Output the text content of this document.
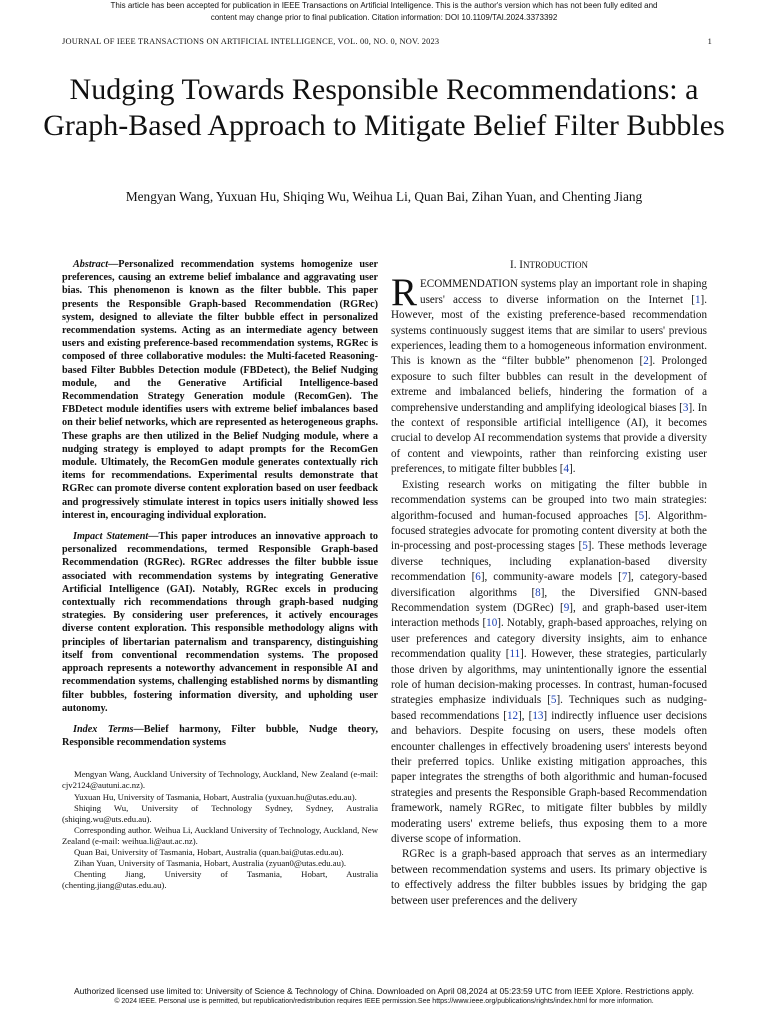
This article has been accepted for publication in IEEE Transactions on Artificial Intelligence. This is the author's version which has not been fully edited and
content may change prior to final publication. Citation information: DOI 10.1109/TAI.2024.3373392
JOURNAL OF IEEE TRANSACTIONS ON ARTIFICIAL INTELLIGENCE, VOL. 00, NO. 0, NOV. 2023	1
Nudging Towards Responsible Recommendations: a Graph-Based Approach to Mitigate Belief Filter Bubbles
Mengyan Wang, Yuxuan Hu, Shiqing Wu, Weihua Li, Quan Bai, Zihan Yuan, and Chenting Jiang

Abstract—Personalized recommendation systems homogenize user preferences, causing an extreme belief imbalance and aggravating user bias. This phenomenon is known as the filter bubble. This paper presents the Responsible Graph-based Recommendation (RGRec) system, designed to alleviate the filter bubble effect in personalized recommendation systems. Acting as an intermediate agency between users and existing preference-based recommendation systems, RGRec is composed of three collaborative modules: the Multi-faceted Reasoning-based Filter Bubbles Detection module (FBDetect), the Belief Nudging module, and the Generative Artificial Intelligence-based Recommendation Strategy Generation module (RecomGen). The FBDetect module identifies users with extreme belief imbalances based on their belief networks, which are represented as heterogeneous graphs. These graphs are then utilized in the Belief Nudging module, where a nudging strategy is employed to adapt prompts for the RecomGen module. Ultimately, the RecomGen module generates contextually rich items for recommendations. Experimental results demonstrate that RGRec can promote diverse content exploration based on user feedback and progressively stimulate interest in topics users initially showed less interest in, encouraging individual exploration.

Impact Statement—This paper introduces an innovative approach to personalized recommendations, termed Responsible Graph-based Recommendation (RGRec). RGRec addresses the filter bubble issue associated with recommendation systems by integrating Generative Artificial Intelligence (GAI). Notably, RGRec excels in producing contextually rich recommendations through graph-based nudging strategies. By considering user preferences, it actively encourages diverse content exploration. This responsible methodology aligns with principles of libertarian paternalism and transparency, distinguishing itself from conventional recommendation systems. The proposed approach represents a noteworthy advancement in responsible AI and recommendation systems, challenging established norms by dismantling filter bubbles, fostering information diversity, and upholding user autonomy.

Index Terms—Belief harmony, Filter bubble, Nudge theory, Responsible recommendation systems

Mengyan Wang, Auckland University of Technology, Auckland, New Zealand (e-mail: cjv2124@autuni.ac.nz).

Yuxuan Hu, University of Tasmania, Hobart, Australia (yuxuan.hu@utas.edu.au).

Shiqing Wu, University of Technology Sydney, Sydney, Australia (shiqing.wu@uts.edu.au).

Corresponding author. Weihua Li, Auckland University of Technology, Auckland, New Zealand (e-mail: weihua.li@aut.ac.nz).

Quan Bai, University of Tasmania, Hobart, Australia (quan.bai@utas.edu.au).

Zihan Yuan, University of Tasmania, Hobart, Australia (zyuan0@utas.edu.au).

Chenting Jiang, University of Tasmania, Hobart, Australia (chenting.jiang@utas.edu.au).

I. INTRODUCTION

RECOMMENDATION systems play an important role in shaping users' access to diverse information on the Internet [1]. However, most of the existing preference-based recommendation systems continuously suggest items that are similar to users' previous experiences, leading them to a homogeneous information environment. This is known as the “filter bubble” phenomenon [2]. Prolonged exposure to such filter bubbles can result in the development of extreme and imbalanced beliefs, hindering the formation of a comprehensive understanding and amplifying ideological biases [3]. In the context of responsible artificial intelligence (AI), it becomes crucial to develop AI recommendation systems that provide a diversity of content and viewpoints, rather than reinforcing existing user preferences, to mitigate filter bubbles [4].

Existing research works on mitigating the filter bubble in recommendation systems can be grouped into two main strategies: algorithm-focused and human-focused approaches [5]. Algorithm-focused strategies advocate for promoting content diversity at both the in-processing and post-processing stages [5]. These methods leverage diverse techniques, including explanation-based diversity recommendation [6], community-aware models [7], category-based diversification algorithms [8], the Diversified GNN-based Recommendation system (DGRec) [9], and graph-based user-item interaction methods [10]. Notably, graph-based approaches, relying on user preferences and category diversity insights, aim to enhance recommendation quality [11]. However, these strategies, particularly those driven by algorithms, may unintentionally ignore the essential role of human decision-making processes. In contrast, human-focused strategies emphasize individuals [5]. Techniques such as nudging-based recommendations [12], [13] indirectly influence user decisions and behaviors. Despite focusing on users, these models often encounter challenges in effectively broadening users' interests beyond their preferred topics. Unlike existing mitigation approaches, this paper integrates the strengths of both algorithmic and human-focused strategies and presents the Responsible Graph-based Recommendation framework, namely RGRec, to mitigate filter bubbles by mildly moderating users' extreme beliefs, thus exposing them to a more diverse scope of information.

RGRec is a graph-based approach that serves as an intermediary between recommendation systems and users. Its primary objective is to effectively address the filter bubbles issues by bridging the gap between user preferences and the delivery

Authorized licensed use limited to: University of Science & Technology of China. Downloaded on April 08,2024 at 05:23:59 UTC from IEEE Xplore. Restrictions apply.
© 2024 IEEE. Personal use is permitted, but republication/redistribution requires IEEE permission.See https://www.ieee.org/publications/rights/index.html for more information.
